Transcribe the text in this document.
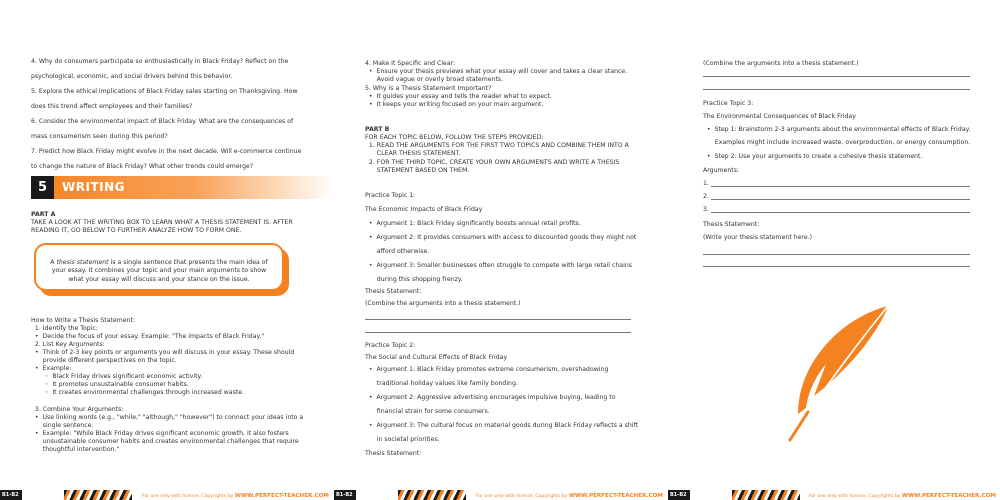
4. Why do consumers participate so enthusiastically in Black Friday? Reflect on the
psychological, economic, and social drivers behind this behavior.
5. Explore the ethical implications of Black Friday sales starting on Thanksgiving. How
does this trend affect employees and their families?
6. Consider the environmental impact of Black Friday. What are the consequences of
mass consumerism seen during this period?
7. Predict how Black Friday might evolve in the next decade. Will e-commerce continue
to change the nature of Black Friday? What other trends could emerge?
5	WRITING
PART A
TAKE A LOOK AT THE WRITING BOX TO LEARN WHAT A THESIS STATEMENT IS. AFTER
READING IT, GO BELOW TO FURTHER ANALYZE HOW TO FORM ONE.
A thesis statement is a single sentence that presents the main idea of your essay. It combines your topic and your main arguments to show what your essay will discuss and your stance on the issue.
How to Write a Thesis Statement:
1. Identify the Topic:
•  Decide the focus of your essay. Example: "The impacts of Black Friday."
2. List Key Arguments:
•  Think of 2-3 key points or arguments you will discuss in your essay. These should
provide different perspectives on the topic.
•  Example:
◦  Black Friday drives significant economic activity.
◦  It promotes unsustainable consumer habits.
◦  It creates environmental challenges through increased waste.
3. Combine Your Arguments:
•  Use linking words (e.g., "while," "although," "however") to connect your ideas into a
single sentence.
•  Example: "While Black Friday drives significant economic growth, it also fosters
unsustainable consumer habits and creates environmental challenges that require
thoughtful intervention."
B1-B2	For use only with license. Copyrights by WWW.PERFECT-TEACHER.COM
4. Make It Specific and Clear:
•  Ensure your thesis previews what your essay will cover and takes a clear stance.
Avoid vague or overly broad statements.
5. Why is a Thesis Statement Important?
•  It guides your essay and tells the reader what to expect.
•  It keeps your writing focused on your main argument.
PART B
FOR EACH TOPIC BELOW, FOLLOW THE STEPS PROVIDED:
1. READ THE ARGUMENTS FOR THE FIRST TWO TOPICS AND COMBINE THEM INTO A
CLEAR THESIS STATEMENT.
2. FOR THE THIRD TOPIC, CREATE YOUR OWN ARGUMENTS AND WRITE A THESIS
STATEMENT BASED ON THEM.
Practice Topic 1:
The Economic Impacts of Black Friday
•  Argument 1: Black Friday significantly boosts annual retail profits.
•  Argument 2: It provides consumers with access to discounted goods they might not
afford otherwise.
•  Argument 3: Smaller businesses often struggle to compete with large retail chains
during this shopping frenzy.
Thesis Statement:
(Combine the arguments into a thesis statement.)
Practice Topic 2:
The Social and Cultural Effects of Black Friday
•  Argument 1: Black Friday promotes extreme consumerism, overshadowing
traditional holiday values like family bonding.
•  Argument 2: Aggressive advertising encourages impulsive buying, leading to
financial strain for some consumers.
•  Argument 3: The cultural focus on material goods during Black Friday reflects a shift
in societal priorities.
Thesis Statement:
B1-B2	For use only with license. Copyrights by WWW.PERFECT-TEACHER.COM
(Combine the arguments into a thesis statement.)
Practice Topic 3:
The Environmental Consequences of Black Friday
•  Step 1: Brainstorm 2-3 arguments about the environmental effects of Black Friday.
Examples might include increased waste, overproduction, or energy consumption.
•  Step 2: Use your arguments to create a cohesive thesis statement.
Arguments:
1.
2.
3.
Thesis Statement:
(Write your thesis statement here.)
B1-B2	For use only with license. Copyrights by WWW.PERFECT-TEACHER.COM
